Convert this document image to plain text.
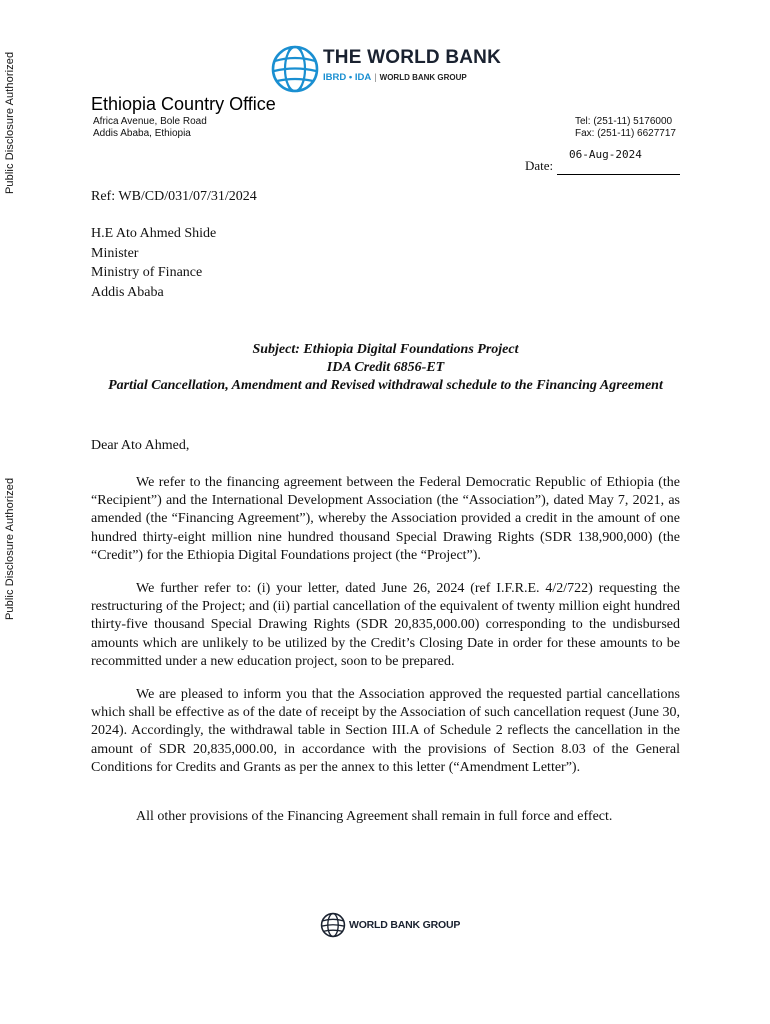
Public Disclosure Authorized
Public Disclosure Authorized
THE WORLD BANK
IBRD • IDA | WORLD BANK GROUP
Ethiopia Country Office
Africa Avenue, Bole Road
Addis Ababa, Ethiopia
Tel: (251-11) 5176000
Fax: (251-11) 6627717
Date:
06-Aug-2024
Ref: WB/CD/031/07/31/2024
H.E Ato Ahmed Shide
Minister
Ministry of Finance
Addis Ababa
Subject: Ethiopia Digital Foundations Project
IDA Credit 6856-ET
Partial Cancellation, Amendment and Revised withdrawal schedule to the Financing Agreement
Dear Ato Ahmed,
We refer to the financing agreement between the Federal Democratic Republic of Ethiopia (the “Recipient”) and the International Development Association (the “Association”), dated May 7, 2021, as amended (the “Financing Agreement”), whereby the Association provided a credit in the amount of one hundred thirty-eight million nine hundred thousand Special Drawing Rights (SDR 138,900,000) (the “Credit”) for the Ethiopia Digital Foundations project (the “Project”).
We further refer to: (i) your letter, dated June 26, 2024 (ref I.F.R.E. 4/2/722) requesting the restructuring of the Project; and (ii) partial cancellation of the equivalent of twenty million eight hundred thirty-five thousand Special Drawing Rights (SDR 20,835,000.00) corresponding to the undisbursed amounts which are unlikely to be utilized by the Credit’s Closing Date in order for these amounts to be recommitted under a new education project, soon to be prepared.
We are pleased to inform you that the Association approved the requested partial cancellations which shall be effective as of the date of receipt by the Association of such cancellation request (June 30, 2024). Accordingly, the withdrawal table in Section III.A of Schedule 2 reflects the cancellation in the amount of SDR 20,835,000.00, in accordance with the provisions of Section 8.03 of the General Conditions for Credits and Grants as per the annex to this letter (“Amendment Letter”).
All other provisions of the Financing Agreement shall remain in full force and effect.
WORLD BANK GROUP
